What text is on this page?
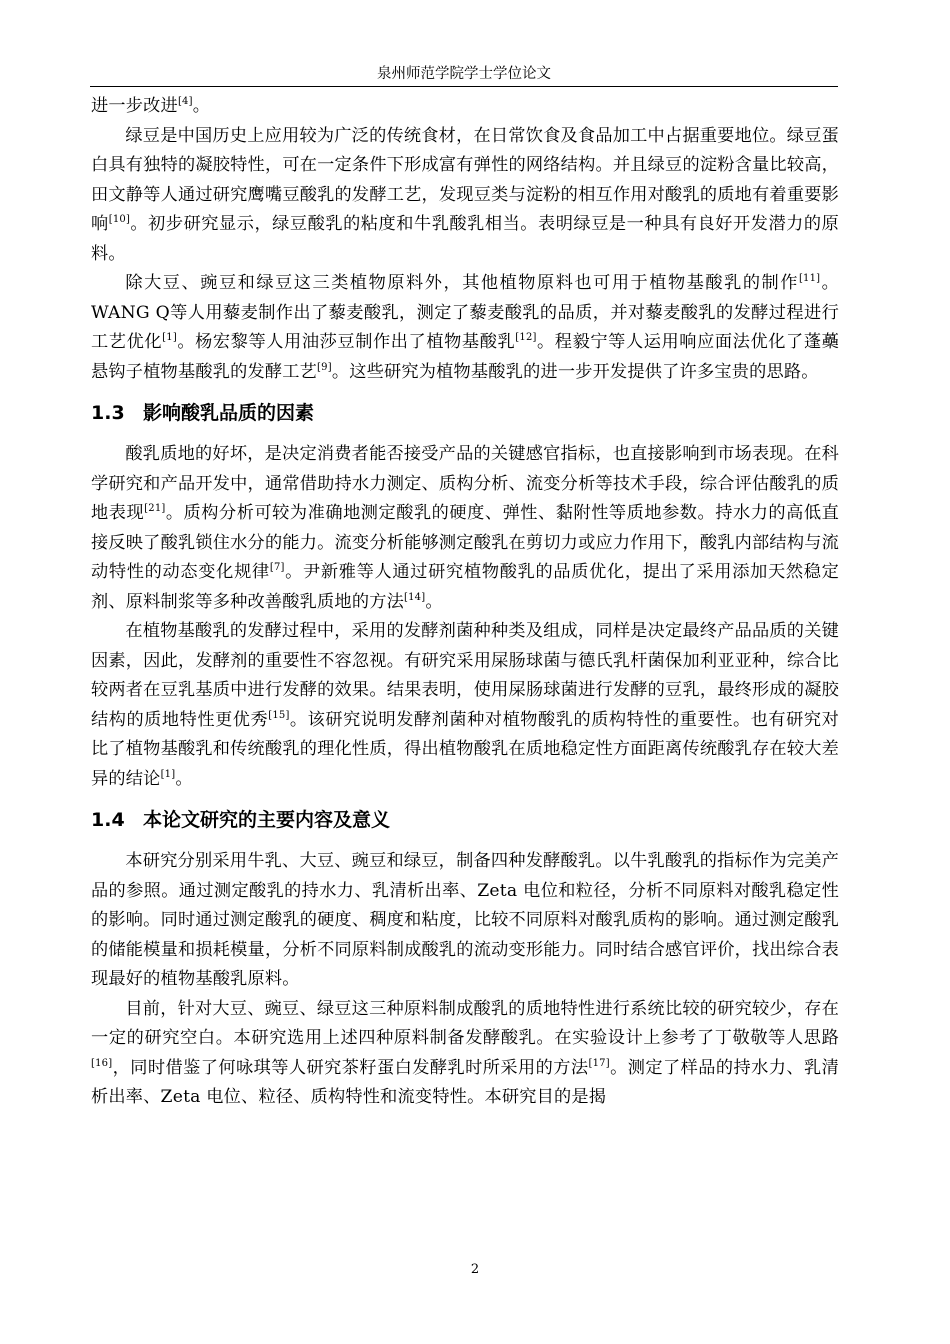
泉州师范学院学士学位论文

进一步改进[4]。

绿豆是中国历史上应用较为广泛的传统食材，在日常饮食及食品加工中占据重要地位。绿豆蛋白具有独特的凝胶特性，可在一定条件下形成富有弹性的网络结构。并且绿豆的淀粉含量比较高，田文静等人通过研究鹰嘴豆酸乳的发酵工艺，发现豆类与淀粉的相互作用对酸乳的质地有着重要影响[10]。初步研究显示，绿豆酸乳的粘度和牛乳酸乳相当。表明绿豆是一种具有良好开发潜力的原料。

除大豆、豌豆和绿豆这三类植物原料外，其他植物原料也可用于植物基酸乳的制作[11]。WANG Q等人用藜麦制作出了藜麦酸乳，测定了藜麦酸乳的品质，并对藜麦酸乳的发酵过程进行工艺优化[1]。杨宏黎等人用油莎豆制作出了植物基酸乳[12]。程毅宁等人运用响应面法优化了蓬蘽悬钩子植物基酸乳的发酵工艺[9]。这些研究为植物基酸乳的进一步开发提供了许多宝贵的思路。

1.3 影响酸乳品质的因素

酸乳质地的好坏，是决定消费者能否接受产品的关键感官指标，也直接影响到市场表现。在科学研究和产品开发中，通常借助持水力测定、质构分析、流变分析等技术手段，综合评估酸乳的质地表现[21]。质构分析可较为准确地测定酸乳的硬度、弹性、黏附性等质地参数。持水力的高低直接反映了酸乳锁住水分的能力。流变分析能够测定酸乳在剪切力或应力作用下，酸乳内部结构与流动特性的动态变化规律[7]。尹新雅等人通过研究植物酸乳的品质优化，提出了采用添加天然稳定剂、原料制浆等多种改善酸乳质地的方法[14]。

在植物基酸乳的发酵过程中，采用的发酵剂菌种种类及组成，同样是决定最终产品品质的关键因素，因此，发酵剂的重要性不容忽视。有研究采用屎肠球菌与德氏乳杆菌保加利亚亚种，综合比较两者在豆乳基质中进行发酵的效果。结果表明，使用屎肠球菌进行发酵的豆乳，最终形成的凝胶结构的质地特性更优秀[15]。该研究说明发酵剂菌种对植物酸乳的质构特性的重要性。也有研究对比了植物基酸乳和传统酸乳的理化性质，得出植物酸乳在质地稳定性方面距离传统酸乳存在较大差异的结论[1]。

1.4 本论文研究的主要内容及意义

本研究分别采用牛乳、大豆、豌豆和绿豆，制备四种发酵酸乳。以牛乳酸乳的指标作为完美产品的参照。通过测定酸乳的持水力、乳清析出率、Zeta 电位和粒径，分析不同原料对酸乳稳定性的影响。同时通过测定酸乳的硬度、稠度和粘度，比较不同原料对酸乳质构的影响。通过测定酸乳的储能模量和损耗模量，分析不同原料制成酸乳的流动变形能力。同时结合感官评价，找出综合表现最好的植物基酸乳原料。

目前，针对大豆、豌豆、绿豆这三种原料制成酸乳的质地特性进行系统比较的研究较少，存在一定的研究空白。本研究选用上述四种原料制备发酵酸乳。在实验设计上参考了丁敬敬等人思路[16]，同时借鉴了何咏琪等人研究茶籽蛋白发酵乳时所采用的方法[17]。测定了样品的持水力、乳清析出率、Zeta 电位、粒径、质构特性和流变特性。本研究目的是揭

2
